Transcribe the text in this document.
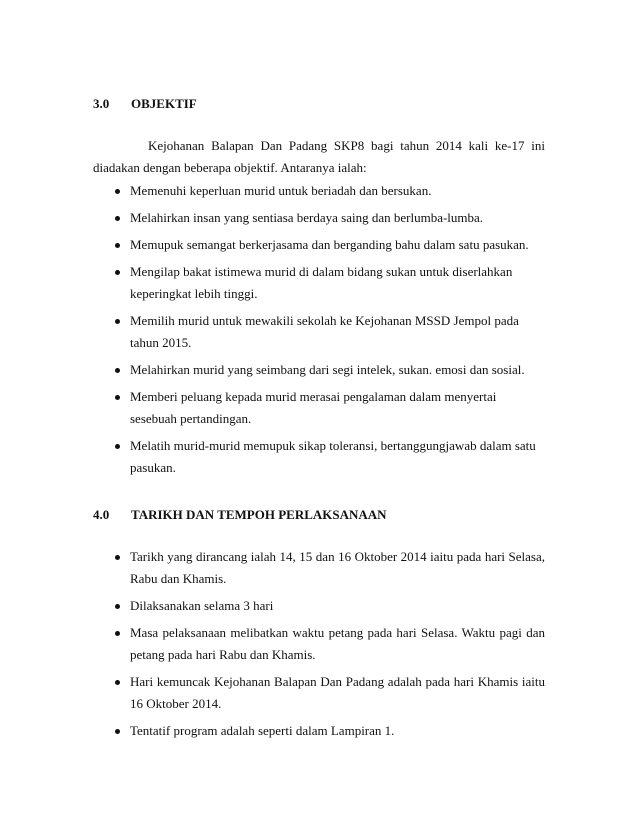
3.0 OBJEKTIF

Kejohanan Balapan Dan Padang SKP8 bagi tahun 2014 kali ke-17 ini diadakan dengan beberapa objektif. Antaranya ialah:

Memenuhi keperluan murid untuk beriadah dan bersukan.
Melahirkan insan yang sentiasa berdaya saing dan berlumba-lumba.
Memupuk semangat berkerjasama dan berganding bahu dalam satu pasukan.
Mengilap bakat istimewa murid di dalam bidang sukan untuk diserlahkan keperingkat lebih tinggi.
Memilih murid untuk mewakili sekolah ke Kejohanan MSSD Jempol pada tahun 2015.
Melahirkan murid yang seimbang dari segi intelek, sukan. emosi dan sosial.
Memberi peluang kepada murid merasai pengalaman dalam menyertai sesebuah pertandingan.
Melatih murid-murid memupuk sikap toleransi, bertanggungjawab dalam satu pasukan.
4.0 TARIKH DAN TEMPOH PERLAKSANAAN
Tarikh yang dirancang ialah 14, 15 dan 16 Oktober 2014 iaitu pada hari Selasa, Rabu dan Khamis.
Dilaksanakan selama 3 hari
Masa pelaksanaan melibatkan waktu petang pada hari Selasa. Waktu pagi dan petang pada hari Rabu dan Khamis.
Hari kemuncak Kejohanan Balapan Dan Padang adalah pada hari Khamis iaitu 16 Oktober 2014.
Tentatif program adalah seperti dalam Lampiran 1.
